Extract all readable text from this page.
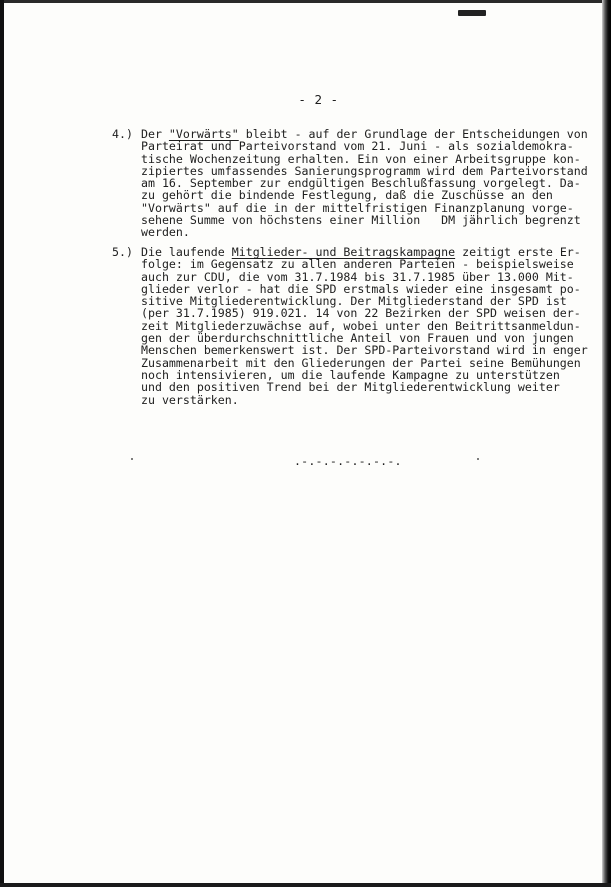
- 2 -
4.) Der "Vorwärts" bleibt - auf der Grundlage der Entscheidungen von
Parteirat und Parteivorstand vom 21. Juni - als sozialdemokra-
tische Wochenzeitung erhalten. Ein von einer Arbeitsgruppe kon-
zipiertes umfassendes Sanierungsprogramm wird dem Parteivorstand
am 16. September zur endgültigen Beschlußfassung vorgelegt. Da-
zu gehört die bindende Festlegung, daß die Zuschüsse an den
"Vorwärts" auf die in der mittelfristigen Finanzplanung vorge-
sehene Summe von höchstens einer Million   DM jährlich begrenzt
werden.
5.) Die laufende Mitglieder- und Beitragskampagne zeitigt erste Er-
folge: im Gegensatz zu allen anderen Parteien - beispielsweise
auch zur CDU, die vom 31.7.1984 bis 31.7.1985 über 13.000 Mit-
glieder verlor - hat die SPD erstmals wieder eine insgesamt po-
sitive Mitgliederentwicklung. Der Mitgliederstand der SPD ist
(per 31.7.1985) 919.021. 14 von 22 Bezirken der SPD weisen der-
zeit Mitgliederzuwächse auf, wobei unter den Beitrittsanmeldun-
gen der überdurchschnittliche Anteil von Frauen und von jungen
Menschen bemerkenswert ist. Der SPD-Parteivorstand wird in enger
Zusammenarbeit mit den Gliederungen der Partei seine Bemühungen
noch intensivieren, um die laufende Kampagne zu unterstützen
und den positiven Trend bei der Mitgliederentwicklung weiter
zu verstärken.
.-.-.-.-.-.-.-.
